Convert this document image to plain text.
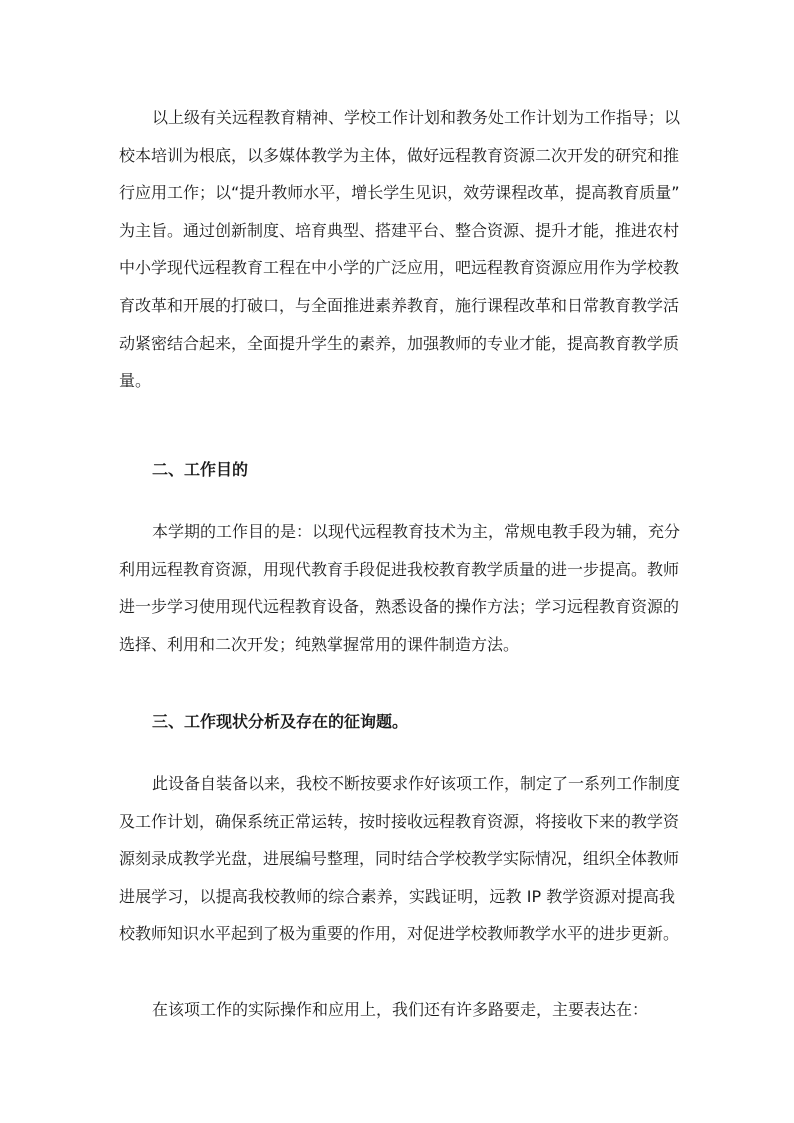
以上级有关远程教育精神、学校工作计划和教务处工作计划为工作指导；以
校本培训为根底，以多媒体教学为主体，做好远程教育资源二次开发的研究和推
行应用工作；以“提升教师水平，增长学生见识，效劳课程改革，提高教育质量”
为主旨。通过创新制度、培育典型、搭建平台、整合资源、提升才能，推进农村
中小学现代远程教育工程在中小学的广泛应用，吧远程教育资源应用作为学校教
育改革和开展的打破口，与全面推进素养教育，施行课程改革和日常教育教学活
动紧密结合起来，全面提升学生的素养，加强教师的专业才能，提高教育教学质
量。

二、工作目的

本学期的工作目的是：以现代远程教育技术为主，常规电教手段为辅，充分
利用远程教育资源，用现代教育手段促进我校教育教学质量的进一步提高。教师
进一步学习使用现代远程教育设备，熟悉设备的操作方法；学习远程教育资源的
选择、利用和二次开发；纯熟掌握常用的课件制造方法。

三、工作现状分析及存在的征询题。

此设备自装备以来，我校不断按要求作好该项工作，制定了一系列工作制度
及工作计划，确保系统正常运转，按时接收远程教育资源，将接收下来的教学资
源刻录成教学光盘，进展编号整理，同时结合学校教学实际情况，组织全体教师
进展学习，以提高我校教师的综合素养，实践证明，远教 IP 教学资源对提高我
校教师知识水平起到了极为重要的作用，对促进学校教师教学水平的进步更新。

在该项工作的实际操作和应用上，我们还有许多路要走，主要表达在：
